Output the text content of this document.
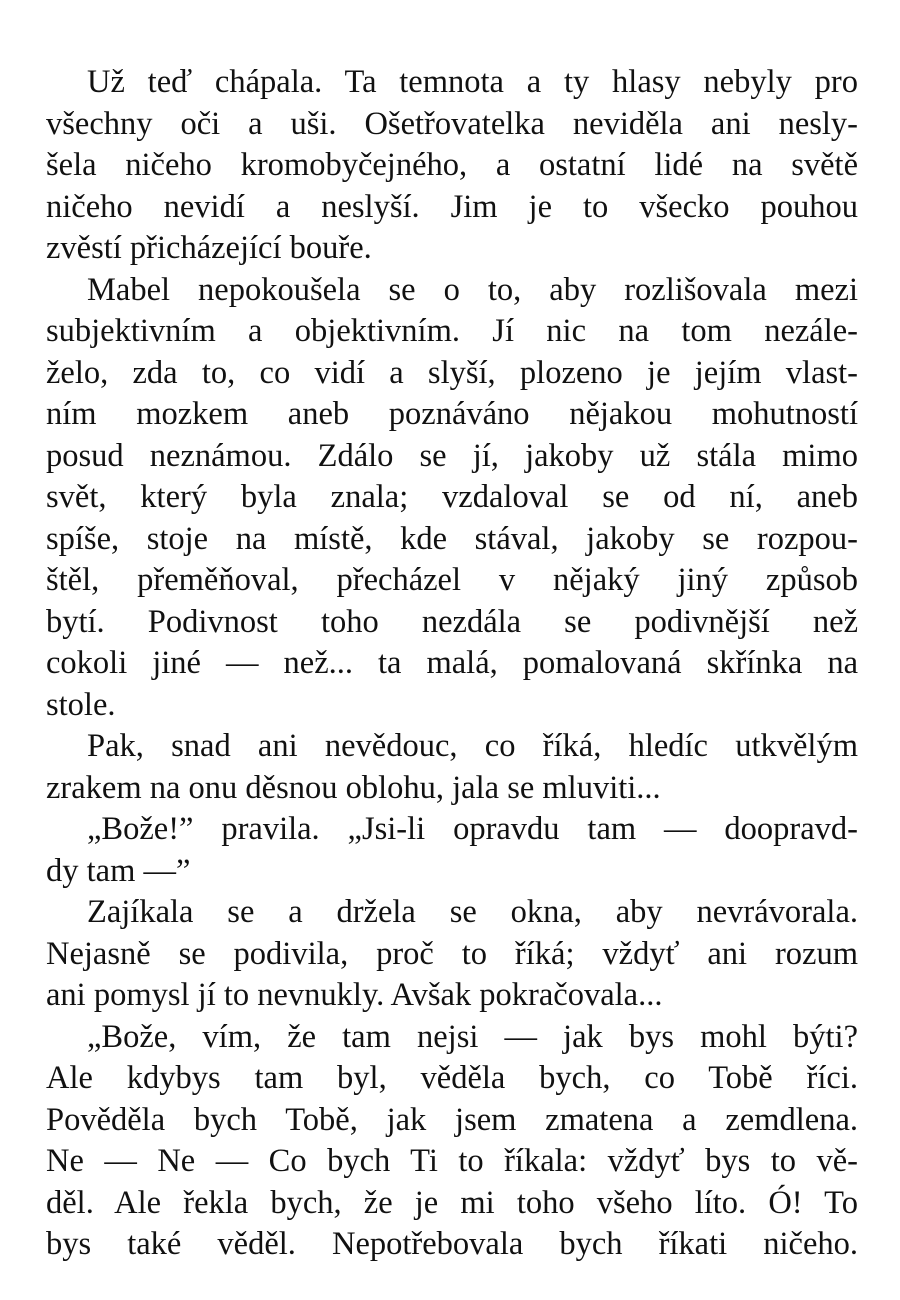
Už teď chápala. Ta temnota a ty hlasy nebyly pro
všechny oči a uši. Ošetřovatelka neviděla ani nesly-
šela ničeho kromobyčejného, a ostatní lidé na světě
ničeho nevidí a neslyší. Jim je to všecko pouhou
zvěstí přicházející bouře.
Mabel nepokoušela se o to, aby rozlišovala mezi
subjektivním a objektivním. Jí nic na tom nezále-
želo, zda to, co vidí a slyší, plozeno je jejím vlast-
ním mozkem aneb poznáváno nějakou mohutností
posud neznámou. Zdálo se jí, jakoby už stála mimo
svět, který byla znala; vzdaloval se od ní, aneb
spíše, stoje na místě, kde stával, jakoby se rozpou-
štěl, přeměňoval, přecházel v nějaký jiný způsob
bytí. Podivnost toho nezdála se podivnější než
cokoli jiné — než... ta malá, pomalovaná skřínka na
stole.
Pak, snad ani nevědouc, co říká, hledíc utkvělým
zrakem na onu děsnou oblohu, jala se mluviti...
„Bože!” pravila. „Jsi-li opravdu tam — doopravd-
dy tam —”
Zajíkala se a držela se okna, aby nevrávorala.
Nejasně se podivila, proč to říká; vždyť ani rozum
ani pomysl jí to nevnukly. Avšak pokračovala...
„Bože, vím, že tam nejsi — jak bys mohl býti?
Ale kdybys tam byl, věděla bych, co Tobě říci.
Pověděla bych Tobě, jak jsem zmatena a zemdlena.
Ne — Ne — Co bych Ti to říkala: vždyť bys to vě-
děl. Ale řekla bych, že je mi toho všeho líto. Ó! To
bys také věděl. Nepotřebovala bych říkati ničeho.
